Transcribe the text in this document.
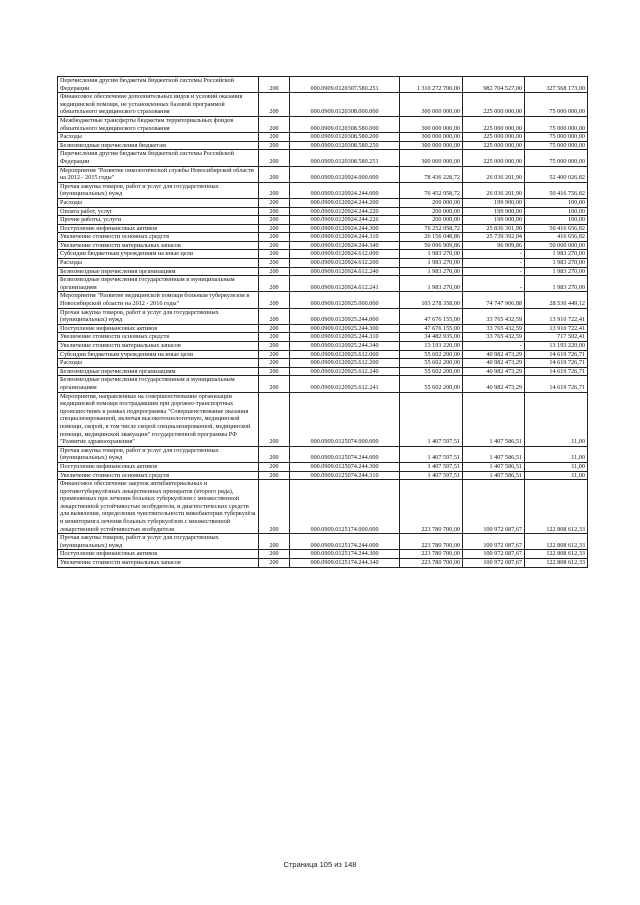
Перечисления другим бюджетам бюджетной системы Российской Федерации	200	000.0909.0120307.580.251	1 310 272 700,00	982 704 527,00	327 568 173,00
Финансовое обеспечение дополнительных видов и условий оказания медицинской помощи, не установленных базовой программой обязательного медицинского страхования	200	000.0909.0120308.000.000	300 000 000,00	225 000 000,00	75 000 000,00
Межбюджетные трансферты бюджетам территориальных фондов обязательного медицинского страхования	200	000.0909.0120308.580.000	300 000 000,00	225 000 000,00	75 000 000,00
Расходы	200	000.0909.0120308.580.200	300 000 000,00	225 000 000,00	75 000 000,00
Безвозмездные перечисления бюджетам	200	000.0909.0120308.580.250	300 000 000,00	225 000 000,00	75 000 000,00
Перечисления другим бюджетам бюджетной системы Российской Федерации	200	000.0909.0120308.580.251	300 000 000,00	225 000 000,00	75 000 000,00
Мероприятия "Развитие онкологической службы Новосибирской области на 2012 - 2015 годы"	200	000.0909.0120924.000.000	78 436 228,72	26 036 201,90	52 400 026,82
Прочая закупка товаров, работ и услуг для государственных (муниципальных) нужд	200	000.0909.0120924.244.000	76 452 958,72	26 036 201,90	50 416 756,82
Расходы	200	000.0909.0120924.244.200	200 000,00	199 900,00	100,00
Оплата работ, услуг	200	000.0909.0120924.244.220	200 000,00	199 900,00	100,00
Прочие работы, услуги	200	000.0909.0120924.244.226	200 000,00	199 900,00	100,00
Поступление нефинансовых активов	200	000.0909.0120924.244.300	76 252 958,72	25 836 301,90	50 416 656,82
Увеличение стоимости основных средств	200	000.0909.0120924.244.310	26 156 048,86	25 739 392,04	416 656,82
Увеличение стоимости материальных запасов	200	000.0909.0120924.244.340	50 096 909,86	96 909,86	50 000 000,00
Субсидии бюджетным учреждениям на иные цели	200	000.0909.0120924.612.000	1 983 270,00	-	1 983 270,00
Расходы	200	000.0909.0120924.612.200	1 983 270,00	-	1 983 270,00
Безвозмездные перечисления организациям	200	000.0909.0120924.612.240	1 983 270,00	-	1 983 270,00
Безвозмездные перечисления государственным и муниципальным организациям	200	000.0909.0120924.612.241	1 983 270,00	-	1 983 270,00
Мероприятия "Развитие медицинской помощи больным туберкулезом в Новосибирской области на 2012 - 2016 годы"	200	000.0909.0120925.000.000	103 278 358,00	74 747 906,88	28 530 449,12
Прочая закупка товаров, работ и услуг для государственных (муниципальных) нужд	200	000.0909.0120925.244.000	47 676 155,00	33 765 432,59	13 910 722,41
Поступление нефинансовых активов	200	000.0909.0120925.244.300	47 676 155,00	33 765 432,59	13 910 722,41
Увеличение стоимости основных средств	200	000.0909.0120925.244.310	34 482 935,00	33 765 432,59	717 502,41
Увеличение стоимости материальных запасов	200	000.0909.0120925.244.340	13 193 220,00	-	13 193 220,00
Субсидии бюджетным учреждениям на иные цели	200	000.0909.0120925.612.000	55 602 200,00	40 982 473,29	14 619 726,71
Расходы	200	000.0909.0120925.612.200	55 602 200,00	40 982 473,29	14 619 726,71
Безвозмездные перечисления организациям	200	000.0909.0120925.612.240	55 602 200,00	40 982 473,29	14 619 726,71
Безвозмездные перечисления государственным и муниципальным организациям	200	000.0909.0120925.612.241	55 602 200,00	40 982 473,29	14 619 726,71
Мероприятия, направленные на совершенствование организации медицинской помощи пострадавшим при дорожно-транспортных происшествиях в рамках подпрограммы "Совершенствование оказания специализированной, включая высокотехнологичную, медицинской помощи, скорой, в том числе скорой специализированной, медицинской помощи, медицинской эвакуации" государственной программы РФ "Развитие здравоохранения"	200	000.0909.0125074.000.000	1 407 597,51	1 407 586,51	11,00
Прочая закупка товаров, работ и услуг для государственных (муниципальных) нужд	200	000.0909.0125074.244.000	1 407 597,51	1 407 586,51	11,00
Поступление нефинансовых активов	200	000.0909.0125074.244.300	1 407 597,51	1 407 586,51	11,00
Увеличение стоимости основных средств	200	000.0909.0125074.244.310	1 407 597,51	1 407 586,51	11,00
Финансовое обеспечение закупок антибактериальных и противотуберкулёзных лекарственных препаратов (второго ряда), применяемых при лечении больных туберкулёзом с множественной лекарственной устойчивостью возбудителя, и диагностических средств для выявления, определения чувствительности микобактерии туберкулёза и мониторинга лечения больных туберкулёзом с множественной лекарственной устойчивостью возбудителя	200	000.0909.0125174.000.000	223 780 700,00	100 972 087,67	122 808 612,33
Прочая закупка товаров, работ и услуг для государственных (муниципальных) нужд	200	000.0909.0125174.244.000	223 780 700,00	100 972 087,67	122 808 612,33
Поступление нефинансовых активов	200	000.0909.0125174.244.300	223 780 700,00	100 972 087,67	122 808 612,33
Увеличение стоимости материальных запасов	200	000.0909.0125174.244.340	223 780 700,00	100 972 087,67	122 808 612,33
Страница 105 из 148
